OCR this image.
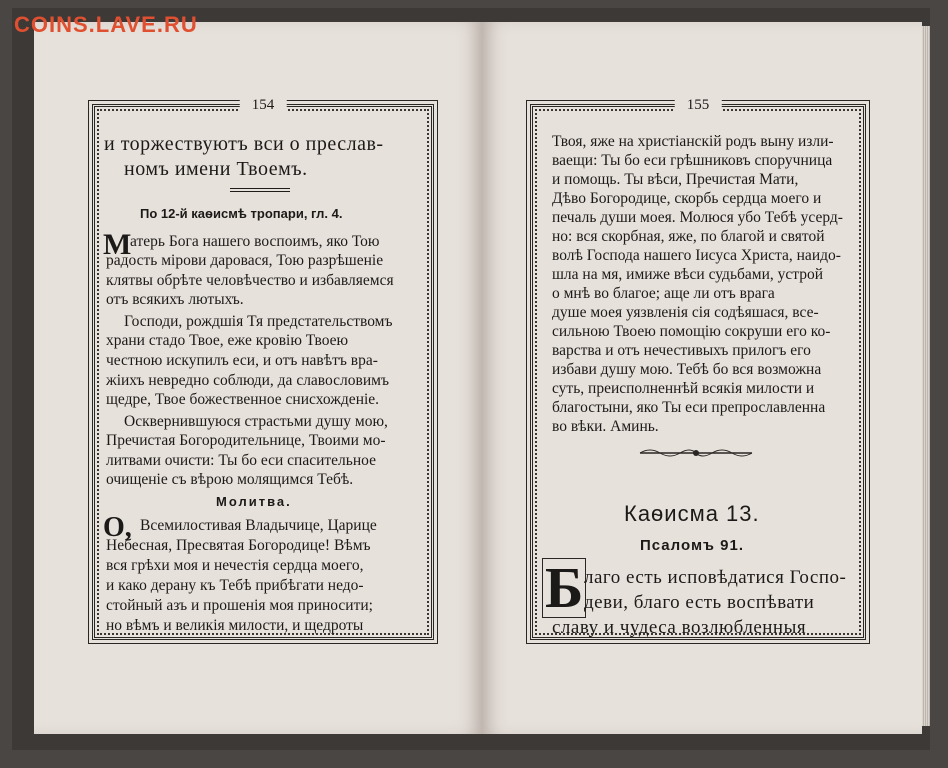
COINS.LAVE.RU
154
и торжествуютъ вси о преслав-
номъ имени Твоемъ.
По 12-й каѳисмѣ тропари, гл. 4.
М
атерь Бога нашего воспоимъ, яко Тою
радость мірови даровася, Тою разрѣшеніе
клятвы обрѣте человѣчество и избавляемся
отъ всякихъ лютыхъ.
Господи, рождшія Тя предстательствомъ
храни стадо Твое, еже кровію Твоею
честною искупилъ еси, и отъ навѣтъ вра-
жіихъ невредно соблюди, да славословимъ
щедре, Твое божественное снисхожденіе.
Осквернившуюся страстьми душу мою,
Пречистая Богородительнице, Твоими мо-
литвами очисти: Ты бо еси спасительное
очищеніе съ вѣрою молящимся Тебѣ.
Молитва.
О, Всемилостивая Владычице, Царице
Небесная, Пресвятая Богородице! Вѣмъ
вся грѣхи моя и нечестія сердца моего,
и како дерану къ Тебѣ прибѣгати недо-
стойный азъ и прошенія моя приносити;
но вѣмъ и великія милости, и щедроты
155
Твоя, яже на христіанскій родъ выну изли-
ваещи: Ты бо еси грѣшниковъ споручница
и помощь. Ты вѣси, Пречистая Мати,
Дѣво Богородице, скорбь сердца моего и
печаль души моея. Молюся убо Тебѣ усерд-
но: вся скорбная, яже, по благой и святой
волѣ Господа нашего Іисуса Христа, наидо-
шла на мя, имиже вѣси судьбами, устрой
о мнѣ во благое; аще ли отъ врага
душе моея уязвленія сія содѣяшася, все-
сильною Твоею помощію сокруши его ко-
варства и отъ нечестивыхъ прилогъ его
избави душу мою. Тебѣ бо вся возможна
суть, преисполненнѣй всякія милости и
благостыни, яко Ты еси препрославленна
во вѣки. Аминь.
Каѳисма 13.
Псаломъ 91.
Б лаго есть исповѣдатися Госпо-
деви, благо есть воспѣвати
славу и чудеса возлюбленныя
